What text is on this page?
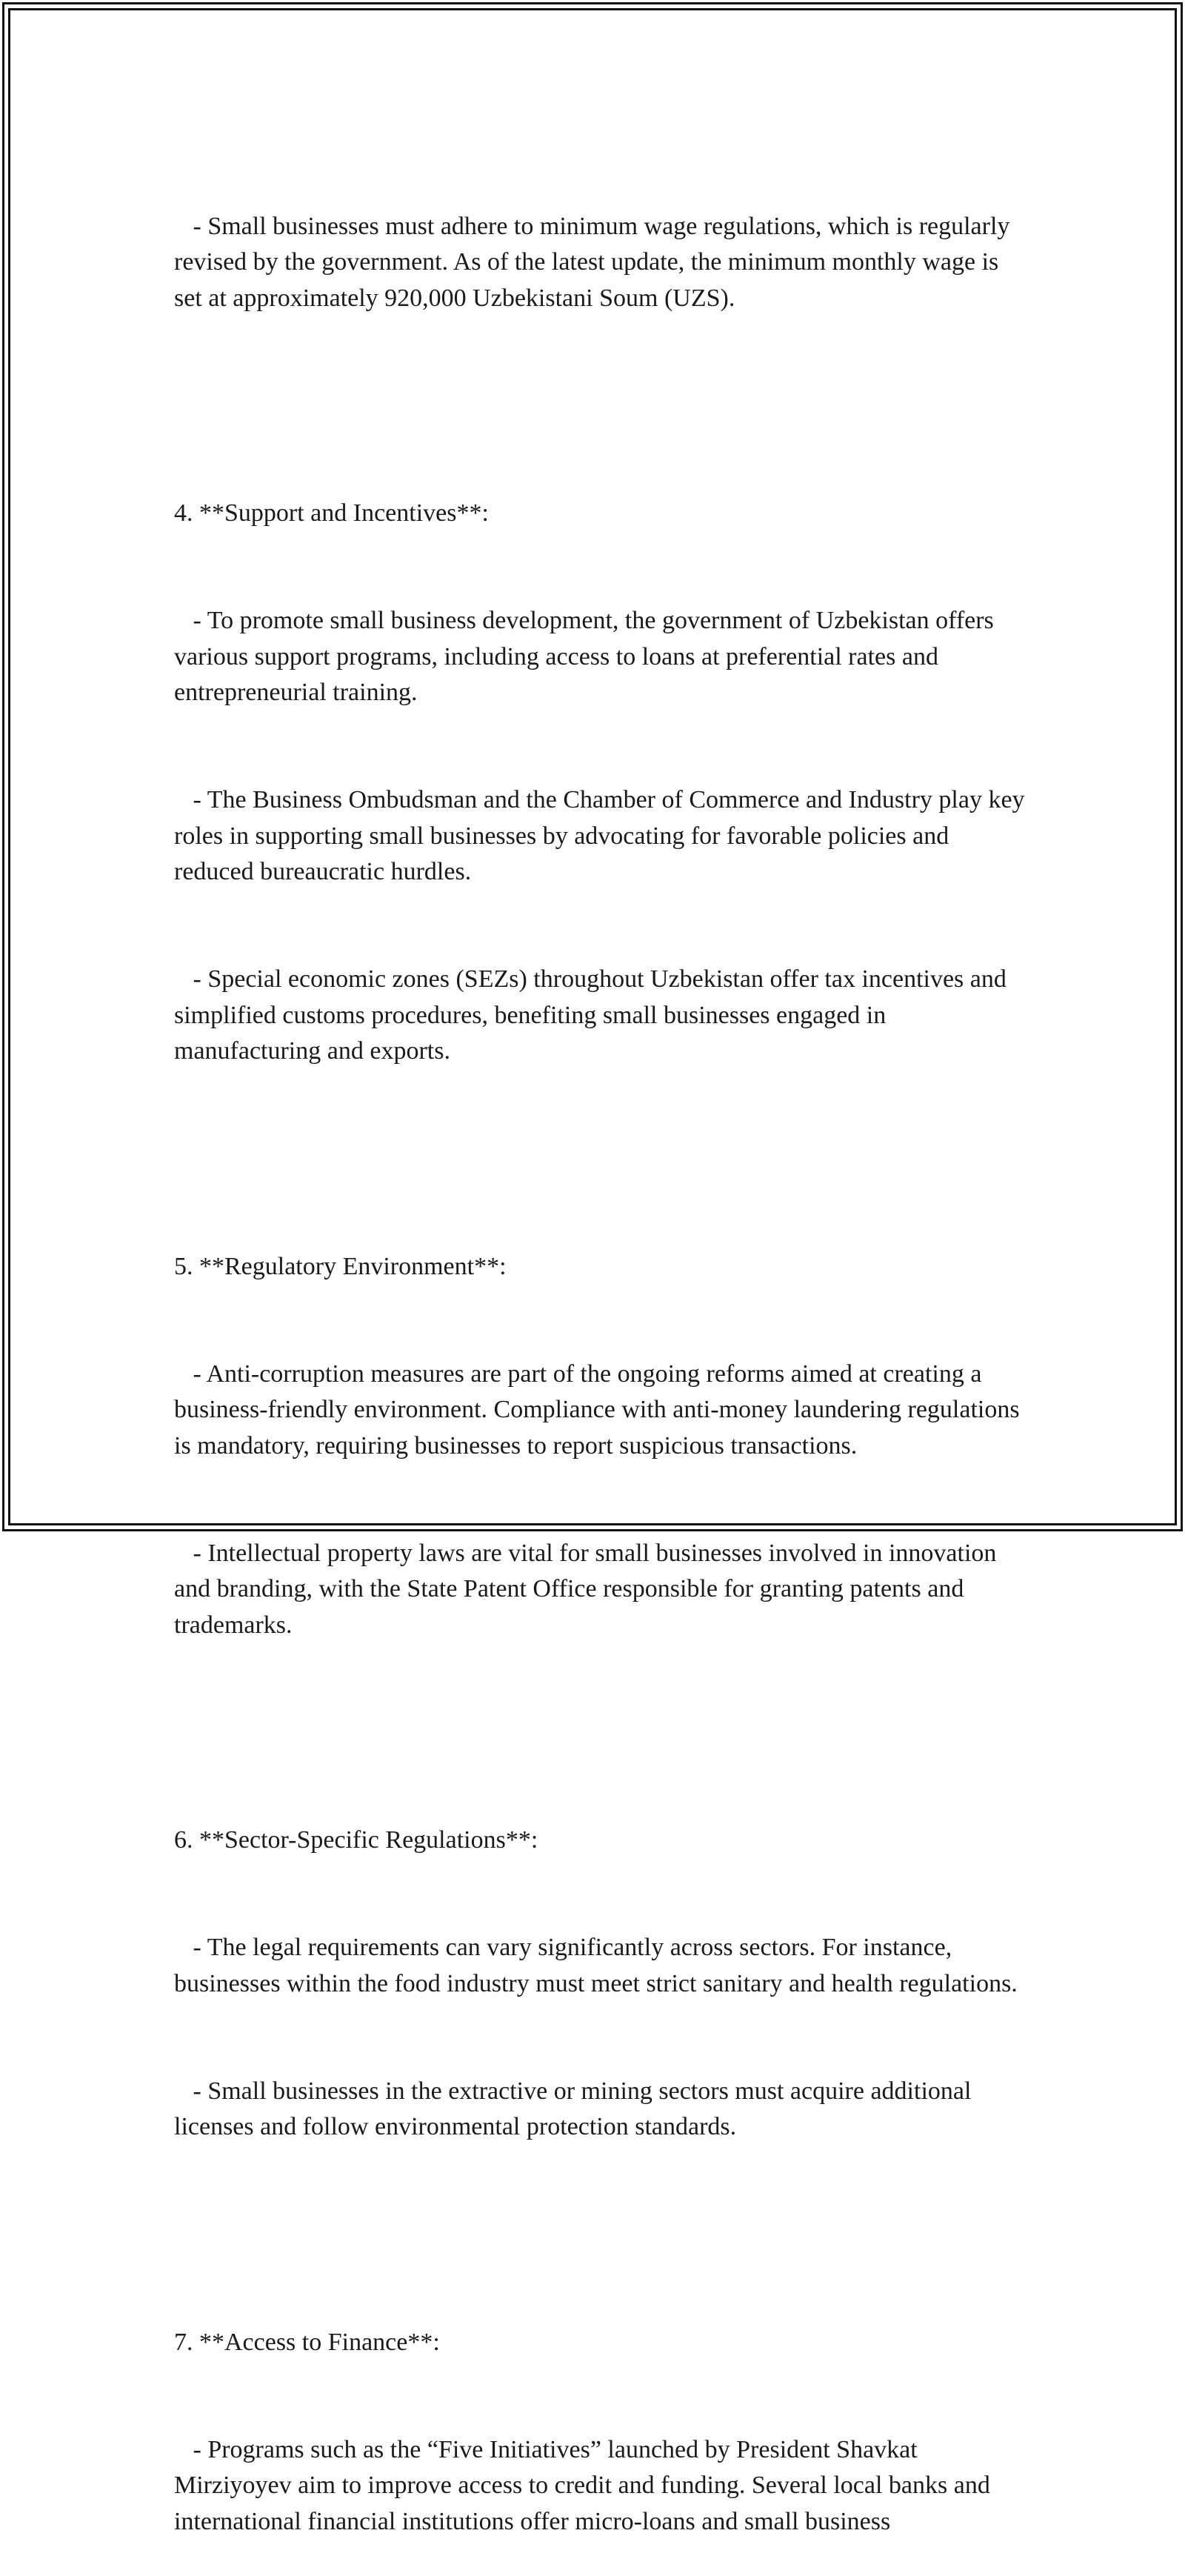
- Small businesses must adhere to minimum wage regulations, which is regularly revised by the government. As of the latest update, the minimum monthly wage is set at approximately 920,000 Uzbekistani Soum (UZS).

4. **Support and Incentives**:

- To promote small business development, the government of Uzbekistan offers various support programs, including access to loans at preferential rates and entrepreneurial training.

- The Business Ombudsman and the Chamber of Commerce and Industry play key roles in supporting small businesses by advocating for favorable policies and reduced bureaucratic hurdles.

- Special economic zones (SEZs) throughout Uzbekistan offer tax incentives and simplified customs procedures, benefiting small businesses engaged in manufacturing and exports.

5. **Regulatory Environment**:

- Anti-corruption measures are part of the ongoing reforms aimed at creating a business-friendly environment. Compliance with anti-money laundering regulations is mandatory, requiring businesses to report suspicious transactions.

- Intellectual property laws are vital for small businesses involved in innovation and branding, with the State Patent Office responsible for granting patents and trademarks.

6. **Sector-Specific Regulations**:

- The legal requirements can vary significantly across sectors. For instance, businesses within the food industry must meet strict sanitary and health regulations.

- Small businesses in the extractive or mining sectors must acquire additional licenses and follow environmental protection standards.

7. **Access to Finance**:

- Programs such as the “Five Initiatives” launched by President Shavkat Mirziyoyev aim to improve access to credit and funding. Several local banks and international financial institutions offer micro-loans and small business
